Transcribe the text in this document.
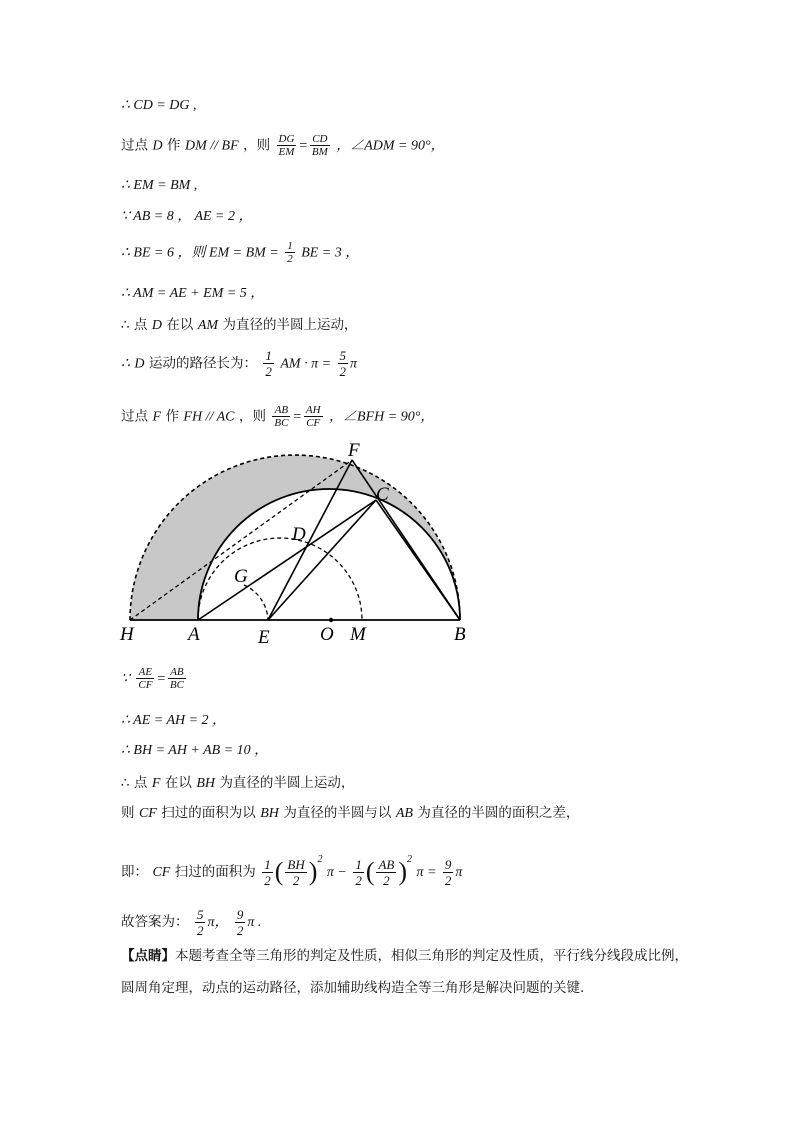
∴ CD = DG ,
过点 D 作 DM // BF ，则 $\frac{DG}{EM} = \frac{CD}{BM}$ ，∠ADM = 90°，
∴ EM = BM ,
∵ AB = 8 ， AE = 2 ，
∴ BE = 6 ，则 EM = BM = $\frac{1}{2}$ BE = 3 ，
∴ AM = AE + EM = 5 ，
∴ 点 D 在以 AM 为直径的半圆上运动，
∴ D 运动的路径长为： $\frac{1}{2}$ AM · $\pi = \frac{5}{2}$ π
过点 F 作 FH // AC ，则 $\frac{AB}{BC} = \frac{AH}{CF}$ ，∠BFH = 90°，
F
C
D
G
H	A	E	O M	B
∵ $\frac{AE}{CF} = \frac{AB}{BC}$
∴ AE = AH = 2 ，
∴ BH = AH + AB = 10 ，
∴ 点 F 在以 BH 为直径的半圆上运动，
则 CF 扫过的面积为以 BH 为直径的半圆与以 AB 为直径的半圆的面积之差，
即： CF 扫过的面积为 $\frac{1}{2}$ ( $\frac{BH}{2} )^2$ $\pi - \frac{1}{2}$ ( $\frac{AB}{2} )^2$ $\pi = \frac{9}{2}$ π
故答案为： $\frac{5}{2}$ π， $\frac{9}{2}$ π .
【点睛】本题考查全等三角形的判定及性质，相似三角形的判定及性质，平行线分线段成比例，圆周角定理，动点的运动路径，添加辅助线构造全等三角形是解决问题的关键.
